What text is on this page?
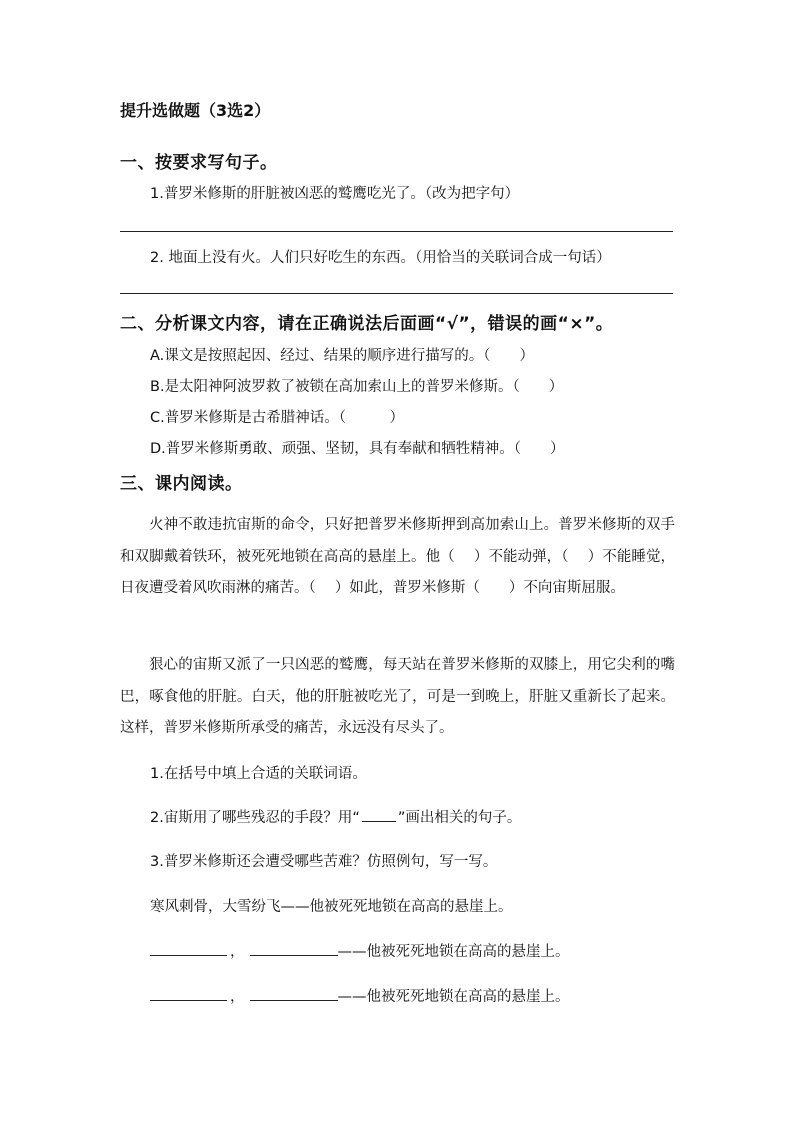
提升选做题（3选2）
一、按要求写句子。
1.普罗米修斯的肝脏被凶恶的鹫鹰吃光了。（改为把字句）
2. 地面上没有火。人们只好吃生的东西。（用恰当的关联词合成一句话）
二、分析课文内容，请在正确说法后面画“√”，错误的画“×”。
A.课文是按照起因、经过、结果的顺序进行描写的。（　　）
B.是太阳神阿波罗救了被锁在高加索山上的普罗米修斯。（　　）
C.普罗米修斯是古希腊神话。（　　　）
D.普罗米修斯勇敢、顽强、坚韧，具有奉献和牺牲精神。（　　）
三、课内阅读。
火神不敢违抗宙斯的命令，只好把普罗米修斯押到高加索山上。普罗米修斯的双手和双脚戴着铁环，被死死地锁在高高的悬崖上。他（　 ）不能动弹，（　 ）不能睡觉，日夜遭受着风吹雨淋的痛苦。（　 ）如此，普罗米修斯（　　）不向宙斯屈服。
狠心的宙斯又派了一只凶恶的鹫鹰，每天站在普罗米修斯的双膝上，用它尖利的嘴巴，啄食他的肝脏。白天，他的肝脏被吃光了，可是一到晚上，肝脏又重新长了起来。这样，普罗米修斯所承受的痛苦，永远没有尽头了。
1.在括号中填上合适的关联词语。
2.宙斯用了哪些残忍的手段？用“	”画出相关的句子。
3.普罗米修斯还会遭受哪些苦难？仿照例句，写一写。
寒风刺骨，大雪纷飞——他被死死地锁在高高的悬崖上。
，	——他被死死地锁在高高的悬崖上。
，	——他被死死地锁在高高的悬崖上。
